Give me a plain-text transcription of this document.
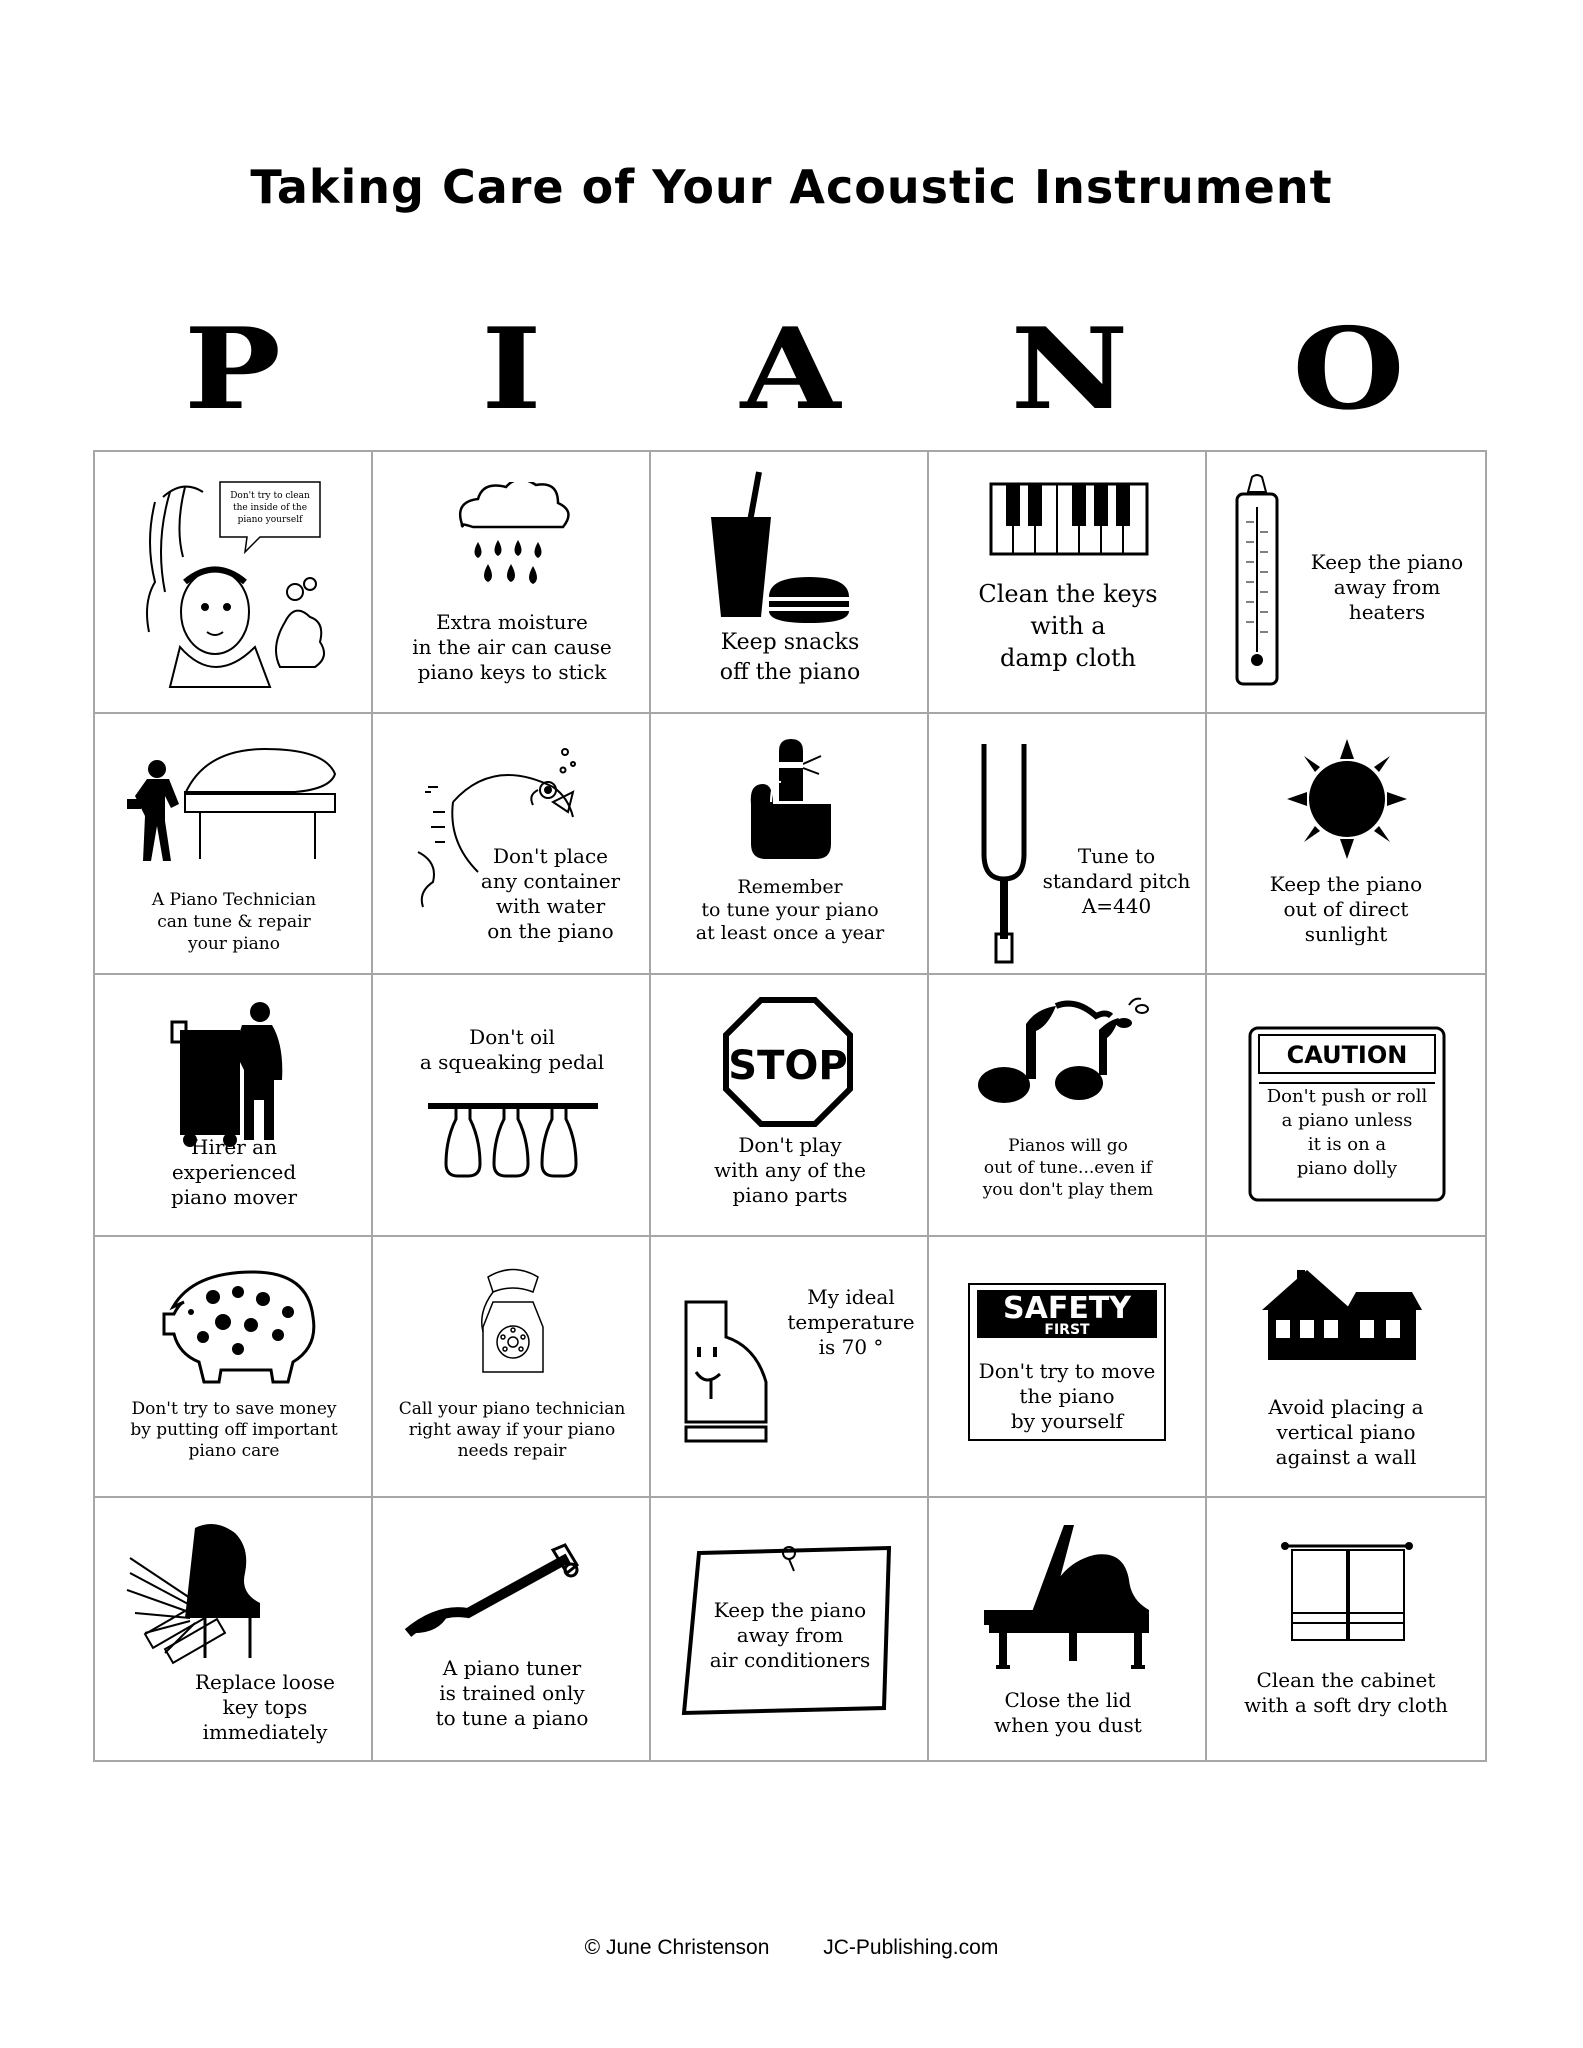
Taking Care of Your Acoustic Instrument
P	I	A	N	O
Don't try to clean
the inside of the
piano yourself
Extra moisture
in the air can cause
piano keys to stick
Keep snacks
off the piano
Clean the keys
with a
damp cloth
Keep the piano
away from
heaters
A Piano Technician
can tune & repair
your piano
Don't place
any container
with water
on the piano
Remember
to tune your piano
at least once a year
Tune to
standard pitch
A=440
Keep the piano
out of direct
sunlight
Hirer an
experienced
piano mover
Don't oil
a squeaking pedal	STOP
Don't play
with any of the
piano parts
Pianos will go
out of tune...even if
you don't play them
CAUTION
Don't push or roll
a piano unless
it is on a
piano dolly
Don't try to save money
by putting off important
piano care
Call your piano technician
right away if your piano
needs repair
My ideal
temperature
is 70 °
SAFETY
FIRST
Don't try to move
the piano
by yourself
Avoid placing a
vertical piano
against a wall
Replace loose
key tops
immediately
A piano tuner
is trained only
to tune a piano
Keep the piano
away from
air conditioners
Close the lid
when you dust
Clean the cabinet
with a soft dry cloth
© June Christenson	JC-Publishing.com
